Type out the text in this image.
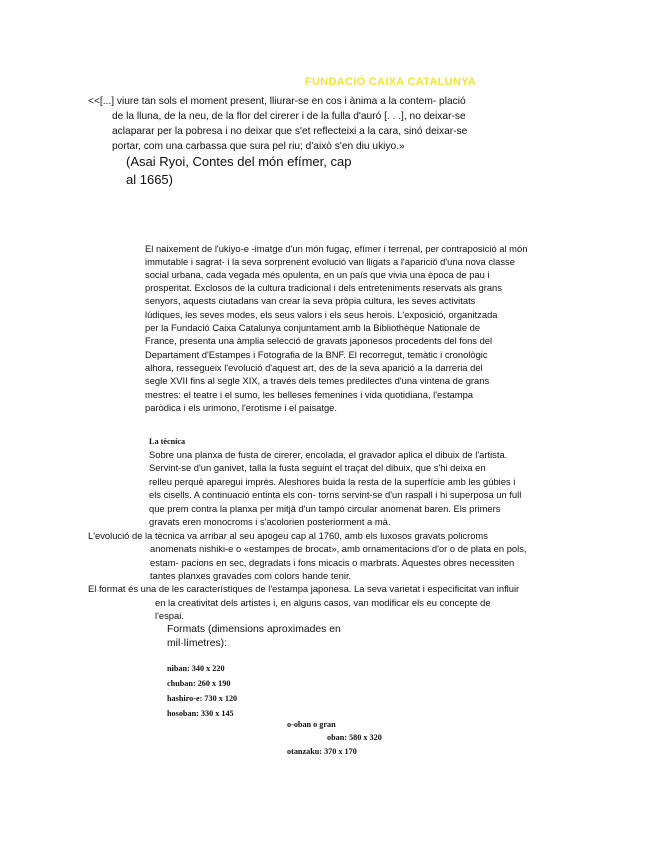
FUNDACIÓ CAIXA CATALUNYA
<<[...] viure tan sols el moment present, lliurar-se en cos i ànima a la contem- plació
de la lluna, de la neu, de la flor del cirerer i de la fulla d'auró [. . .], no deixar-se
aclaparar per la pobresa i no deixar que s'et reflecteixi a la cara, sinó deixar-se
portar, com una carbassa que sura pel riu; d'això s'en diu ukiyo.»
(Asai Ryoi, Contes del món efímer, cap
al 1665)
El naixement de l'ukiyo-e -imatge d'un món fugaç, efímer i terrenal, per contraposició al món
immutable i sagrat- i la seva sorprenent evolució van lligats a l'aparició d'una nova classe
social urbana, cada vegada més opulenta, en un país que vivia una època de pau i
prosperitat. Exclosos de la cultura tradicional i dels entreteniments reservats als grans
senyors, aquests ciutadans van crear la seva pròpia cultura, les seves activitats
lúdiques, les seves modes, els seus valors i els seus herois. L'exposició, organitzada
per la Fundació Caixa Catalunya conjuntament amb la Bibliothèque Nationale de
France, presenta una àmplia selecció de gravats japonesos procedents del fons del
Departament d'Estampes i Fotografia de la BNF. El recorregut, temàtic i cronològic
alhora, ressegueix l'evolució d'aquest art, des de la seva aparició a la darreria del
segle XVII fins al segle XIX, a través dels temes predilectes d'una vintena de grans
mestres: el teatre i el sumo, les belleses femenines i vida quotidiana, l'estampa
paròdica i els urimono, l'erotisme i el paisatge.
La tècnica
Sobre una planxa de fusta de cirerer, encolada, el gravador aplica el dibuix de l'artista.
Servint-se d'un ganivet, talla la fusta seguint el traçat del dibuix, que s'hi deixa en
relleu perquè aparegui imprès. Aleshores buida la resta de la superfície amb les gúbies i
els cisells. A continuació entinta els con- torns servint-se d'un raspall i hi superposa un full
que prem contra la planxa per mitjà d'un tampó circular anomenat baren. Els primers
gravats eren monocroms i s'acolorien posteriorment a mà.
L'evolució de la tècnica va arribar al seu apogeu cap al 1760, amb els luxosos gravats policroms
anomenats nishiki-e o «estampes de brocat», amb ornamentacions d'or o de plata en pols,
estam- pacions en sec, degradats i fons micacis o marbrats. Aquestes obres necessiten
tantes planxes gravades com colors hande tenir.
El format és una de les característiques de l'estampa japonesa. La seva varietat i especificitat van influir
en la creativitat dels artistes i, en alguns casos, van modificar els eu concepte de
l'espai.
Formats (dimensions aproximades en
mil·límetres):
niban: 340 x 220
chuban: 260 x 190
hashiro-e: 730 x 120
hosoban: 330 x 145
o-oban o gran
oban: 580 x 320
otanzaku: 370 x 170
